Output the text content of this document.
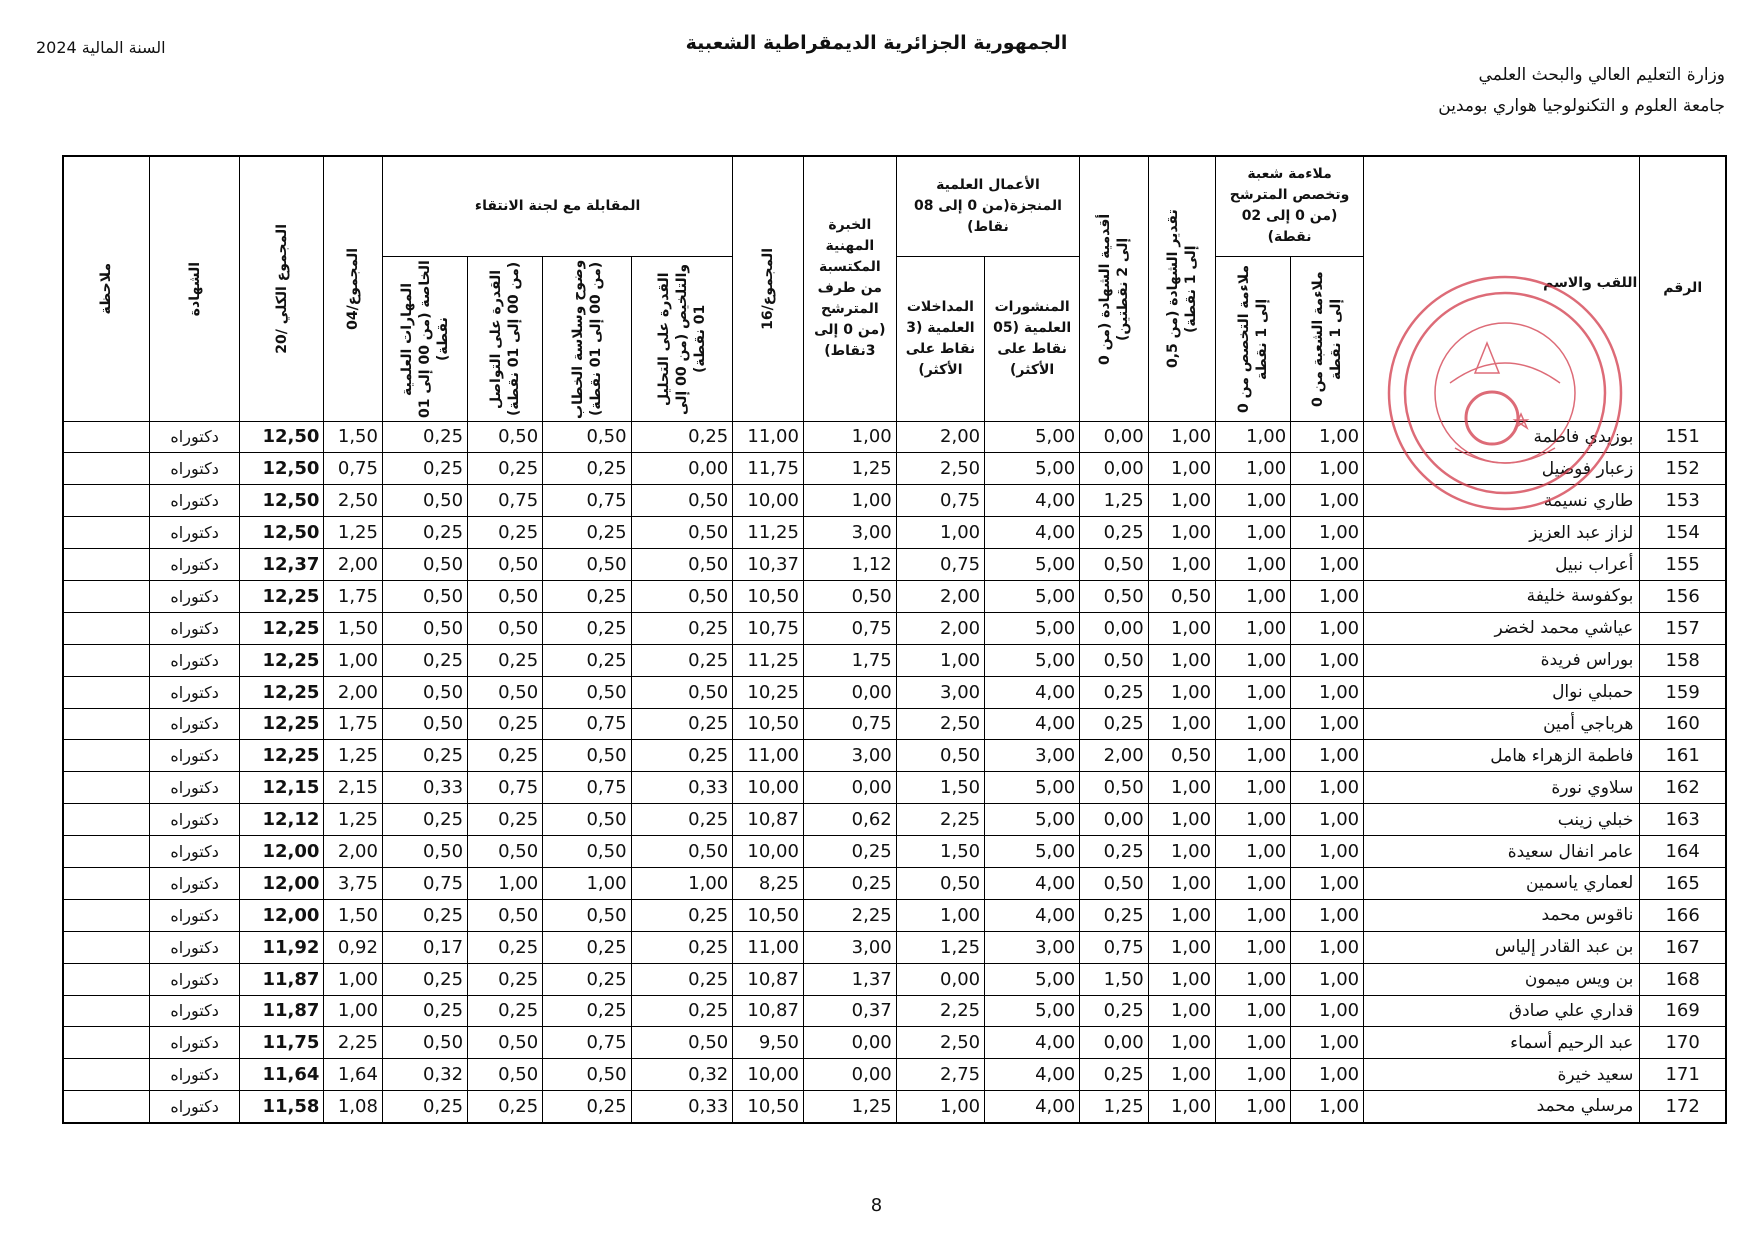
الجمهورية الجزائرية الديمقراطية الشعبية
السنة المالية 2024
وزارة التعليم العالي والبحث العلمي
جامعة العلوم و التكنولوجيا هواري بومدين
الرقم	اللقب والاسم	ملاءمة شعبة وتخصص المترشح (من 0 إلى 02 نقطة)		تقدير الشهادة (من 0,5 إلى 1 نقطة)	أقدمية الشهادة (من 0 إلى 2 نقطتين)	الأعمال العلمية المنجزة(من 0 إلى 08 نقاط)		الخبرة المهنية المكتسبة من طرف المترشح (من 0 إلى 3نقاط)	المجموع/16	المقابلة مع لجنة الانتقاء				المجموع/04	المجموع الكلي /20	الشهادة	ملاحظة

		ملاءمة الشعبة من 0 إلى 1 نقطة	ملاءمة التخصص من 0 إلى 1 نقطة			المنشورات العلمية (05 نقاط على الأكثر)	المداخلات العلمية (3 نقاط على الأكثر)			القدرة على التحليل والتلخيص (من 00 إلى 01 نقطة)	وضوح وسلاسة الخطاب (من 00 إلى 01 نقطة)	القدرة على التواصل (من 00 إلى 01 نقطة)	المهارات العلمية الخاصة (من 00 إلى 01 نقطة)				

151	بوزيدي فاطمة	1,00	1,00	1,00	0,00	5,00	2,00	1,00	11,00	0,25	0,50	0,50	0,25	1,50	12,50	دكتوراه	
152	زعبار فوضيل	1,00	1,00	1,00	0,00	5,00	2,50	1,25	11,75	0,00	0,25	0,25	0,25	0,75	12,50	دكتوراه	
153	طاري نسيمة	1,00	1,00	1,00	1,25	4,00	0,75	1,00	10,00	0,50	0,75	0,75	0,50	2,50	12,50	دكتوراه	
154	لزاز عبد العزيز	1,00	1,00	1,00	0,25	4,00	1,00	3,00	11,25	0,50	0,25	0,25	0,25	1,25	12,50	دكتوراه	
155	أعراب نبيل	1,00	1,00	1,00	0,50	5,00	0,75	1,12	10,37	0,50	0,50	0,50	0,50	2,00	12,37	دكتوراه	
156	بوكفوسة خليفة	1,00	1,00	0,50	0,50	5,00	2,00	0,50	10,50	0,50	0,25	0,50	0,50	1,75	12,25	دكتوراه	
157	عياشي محمد لخضر	1,00	1,00	1,00	0,00	5,00	2,00	0,75	10,75	0,25	0,25	0,50	0,50	1,50	12,25	دكتوراه	
158	بوراس فريدة	1,00	1,00	1,00	0,50	5,00	1,00	1,75	11,25	0,25	0,25	0,25	0,25	1,00	12,25	دكتوراه	
159	حمبلي نوال	1,00	1,00	1,00	0,25	4,00	3,00	0,00	10,25	0,50	0,50	0,50	0,50	2,00	12,25	دكتوراه	
160	هرباجي أمين	1,00	1,00	1,00	0,25	4,00	2,50	0,75	10,50	0,25	0,75	0,25	0,50	1,75	12,25	دكتوراه	
161	فاطمة الزهراء هامل	1,00	1,00	0,50	2,00	3,00	0,50	3,00	11,00	0,25	0,50	0,25	0,25	1,25	12,25	دكتوراه	
162	سلاوي نورة	1,00	1,00	1,00	0,50	5,00	1,50	0,00	10,00	0,33	0,75	0,75	0,33	2,15	12,15	دكتوراه	
163	خبلي زينب	1,00	1,00	1,00	0,00	5,00	2,25	0,62	10,87	0,25	0,50	0,25	0,25	1,25	12,12	دكتوراه	
164	عامر انفال سعيدة	1,00	1,00	1,00	0,25	5,00	1,50	0,25	10,00	0,50	0,50	0,50	0,50	2,00	12,00	دكتوراه	
165	لعماري ياسمين	1,00	1,00	1,00	0,50	4,00	0,50	0,25	8,25	1,00	1,00	1,00	0,75	3,75	12,00	دكتوراه	
166	ناقوس محمد	1,00	1,00	1,00	0,25	4,00	1,00	2,25	10,50	0,25	0,50	0,50	0,25	1,50	12,00	دكتوراه	
167	بن عبد القادر إلياس	1,00	1,00	1,00	0,75	3,00	1,25	3,00	11,00	0,25	0,25	0,25	0,17	0,92	11,92	دكتوراه	
168	بن ويس ميمون	1,00	1,00	1,00	1,50	5,00	0,00	1,37	10,87	0,25	0,25	0,25	0,25	1,00	11,87	دكتوراه	
169	قداري علي صادق	1,00	1,00	1,00	0,25	5,00	2,25	0,37	10,87	0,25	0,25	0,25	0,25	1,00	11,87	دكتوراه	
170	عبد الرحيم أسماء	1,00	1,00	1,00	0,00	4,00	2,50	0,00	9,50	0,50	0,75	0,50	0,50	2,25	11,75	دكتوراه	
171	سعيد خيرة	1,00	1,00	1,00	0,25	4,00	2,75	0,00	10,00	0,32	0,50	0,50	0,32	1,64	11,64	دكتوراه	
172	مرسلي محمد	1,00	1,00	1,00	1,25	4,00	1,00	1,25	10,50	0,33	0,25	0,25	0,25	1,08	11,58	دكتوراه	
8
